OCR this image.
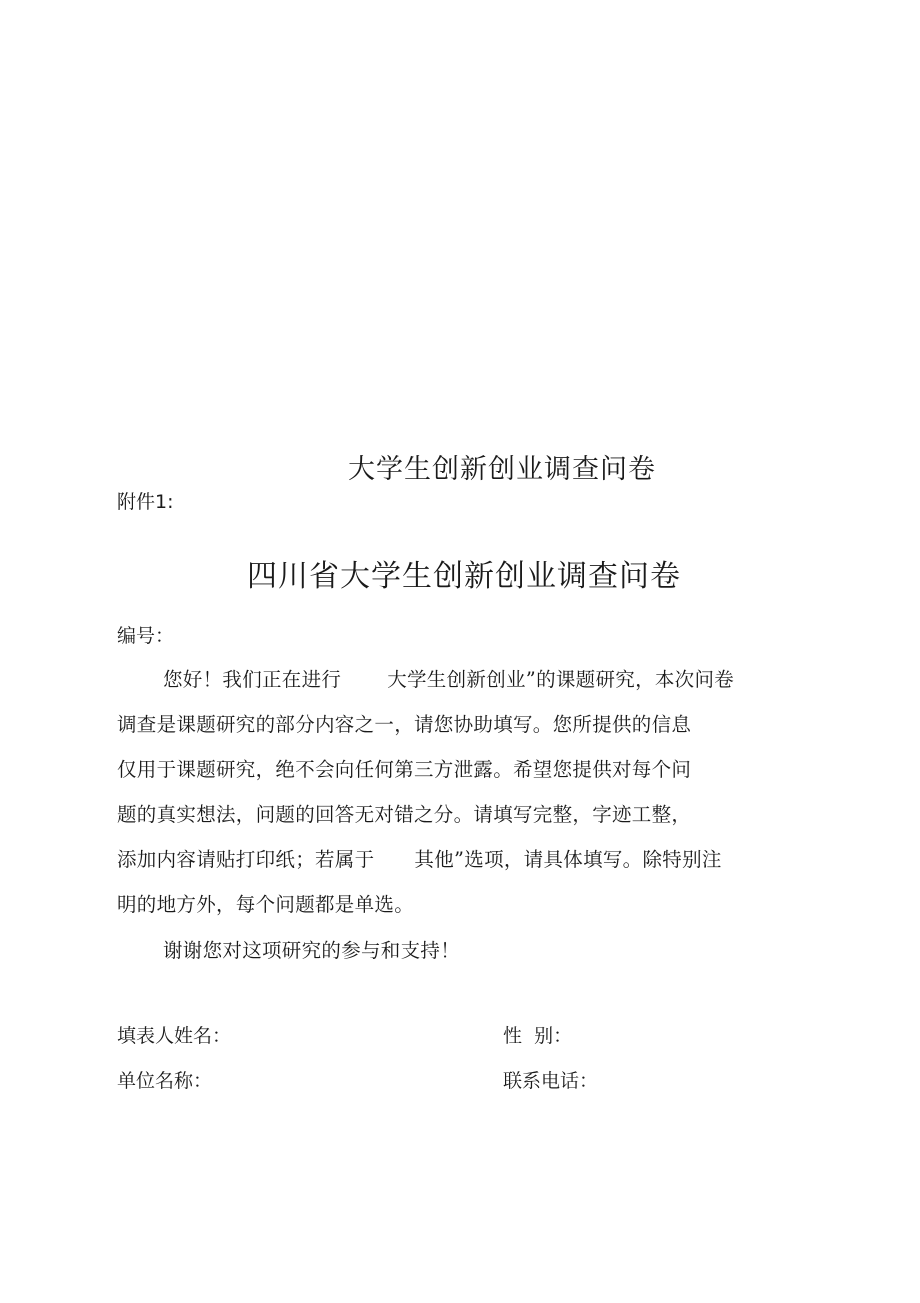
大学生创新创业调查问卷
附件1:
四川省大学生创新创业调查问卷
编号：
您好！我们正在进行 大学生创新创业”的课题研究，本次问卷
调查是课题研究的部分内容之一，请您协助填写。您所提供的信息
仅用于课题研究，绝不会向任何第三方泄露。希望您提供对每个问
题的真实想法，问题的回答无对错之分。请填写完整，字迹工整，
添加内容请贴打印纸；若属于 其他”选项，请具体填写。除特别注
明的地方外，每个问题都是单选。
谢谢您对这项研究的参与和支持！
填表人姓名：	性  别：
单位名称：	联系电话：
